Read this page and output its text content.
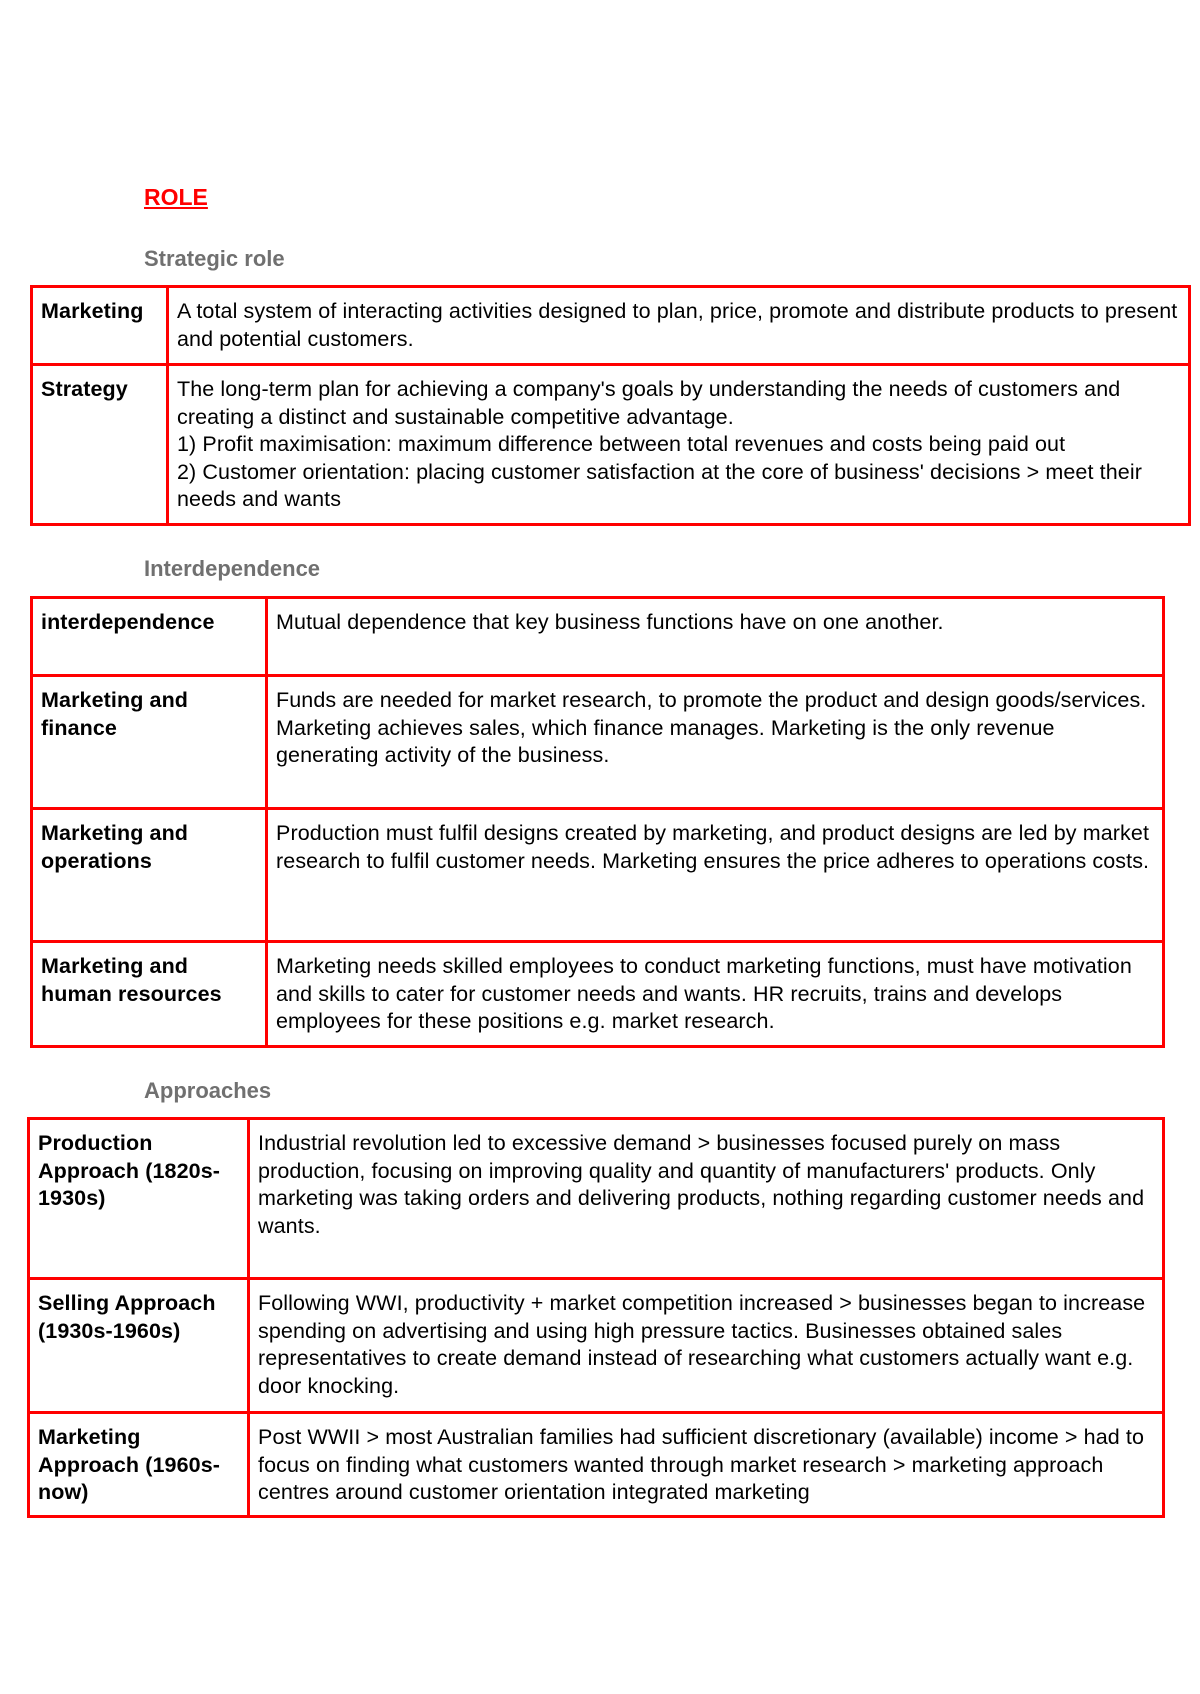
ROLE
Strategic role
Marketing	A total system of interacting activities designed to plan, price, promote and distribute products to present and potential customers.
Strategy	The long-term plan for achieving a company's goals by understanding the needs of customers and creating a distinct and sustainable competitive advantage.
1) Profit maximisation: maximum difference between total revenues and costs being paid out
2) Customer orientation: placing customer satisfaction at the core of business' decisions > meet their needs and wants
Interdependence
interdependence	Mutual dependence that key business functions have on one another.
Marketing and finance	Funds are needed for market research, to promote the product and design goods/services. Marketing achieves sales, which finance manages. Marketing is the only revenue generating activity of the business.
Marketing and operations	Production must fulfil designs created by marketing, and product designs are led by market research to fulfil customer needs. Marketing ensures the price adheres to operations costs.
Marketing and human resources	Marketing needs skilled employees to conduct marketing functions, must have motivation and skills to cater for customer needs and wants. HR recruits, trains and develops employees for these positions e.g. market research.
Approaches
Production Approach (1820s-1930s)	Industrial revolution led to excessive demand > businesses focused purely on mass production, focusing on improving quality and quantity of manufacturers' products. Only marketing was taking orders and delivering products, nothing regarding customer needs and wants.
Selling Approach (1930s-1960s)	Following WWI, productivity + market competition increased > businesses began to increase spending on advertising and using high pressure tactics. Businesses obtained sales representatives to create demand instead of researching what customers actually want e.g. door knocking.
Marketing Approach (1960s-now)	Post WWII > most Australian families had sufficient discretionary (available) income > had to focus on finding what customers wanted through market research > marketing approach centres around customer orientation integrated marketing
